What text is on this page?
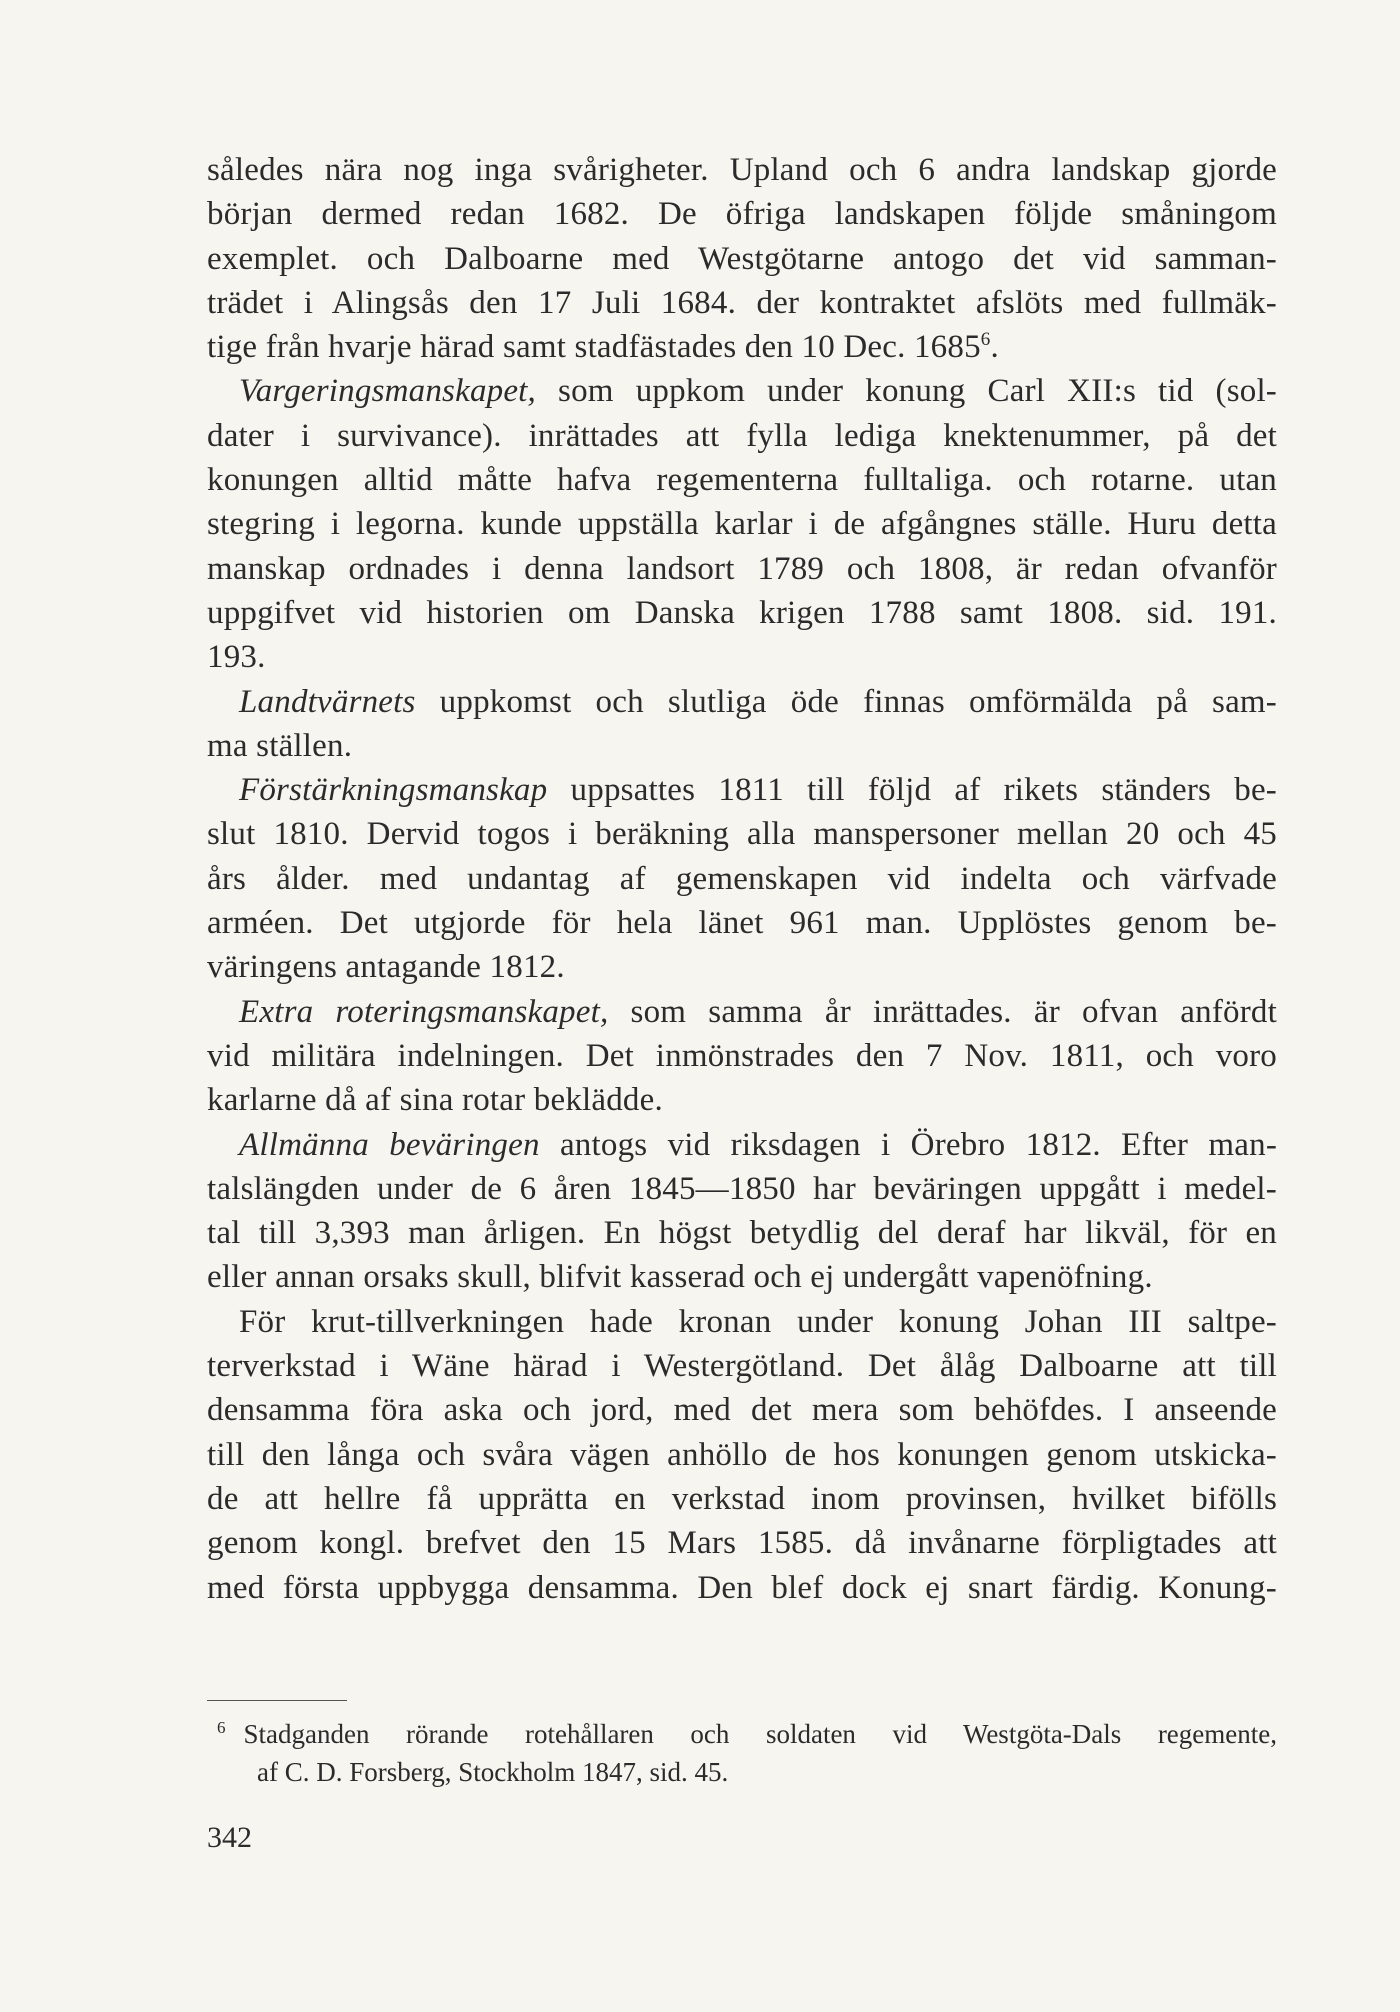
således nära nog inga svårigheter. Upland och 6 andra landskap gjorde
början dermed redan 1682. De öfriga landskapen följde småningom
exemplet. och Dalboarne med Westgötarne antogo det vid samman-
trädet i Alingsås den 17 Juli 1684. der kontraktet afslöts med fullmäk-
tige från hvarje härad samt stadfästades den 10 Dec. 1685$^6$.
Vargeringsmanskapet, som uppkom under konung Carl XII:s tid (sol-
dater i survivance). inrättades att fylla lediga knektenummer, på det
konungen alltid måtte hafva regementerna fulltaliga. och rotarne. utan
stegring i legorna. kunde uppställa karlar i de afgångnes ställe. Huru detta
manskap ordnades i denna landsort 1789 och 1808, är redan ofvanför
uppgifvet vid historien om Danska krigen 1788 samt 1808. sid. 191.
193.
Landtvärnets uppkomst och slutliga öde finnas omförmälda på sam-
ma ställen.
Förstärkningsmanskap uppsattes 1811 till följd af rikets ständers be-
slut 1810. Dervid togos i beräkning alla manspersoner mellan 20 och 45
års ålder. med undantag af gemenskapen vid indelta och värfvade
arméen. Det utgjorde för hela länet 961 man. Upplöstes genom be-
väringens antagande 1812.
Extra roteringsmanskapet, som samma år inrättades. är ofvan anfördt
vid militära indelningen. Det inmönstrades den 7 Nov. 1811, och voro
karlarne då af sina rotar beklädde.
Allmänna beväringen antogs vid riksdagen i Örebro 1812. Efter man-
talslängden under de 6 åren 1845—1850 har beväringen uppgått i medel-
tal till 3,393 man årligen. En högst betydlig del deraf har likväl, för en
eller annan orsaks skull, blifvit kasserad och ej undergått vapenöfning.
För krut-tillverkningen hade kronan under konung Johan III saltpe-
terverkstad i Wäne härad i Westergötland. Det ålåg Dalboarne att till
densamma föra aska och jord, med det mera som behöfdes. I anseende
till den långa och svåra vägen anhöllo de hos konungen genom utskicka-
de att hellre få upprätta en verkstad inom provinsen, hvilket bifölls
genom kongl. brefvet den 15 Mars 1585. då invånarne förpligtades att
med första uppbygga densamma. Den blef dock ej snart färdig. Konung-
$^6$ Stadganden rörande rotehållaren och soldaten vid Westgöta-Dals regemente,
af C. D. Forsberg, Stockholm 1847, sid. 45.
342
